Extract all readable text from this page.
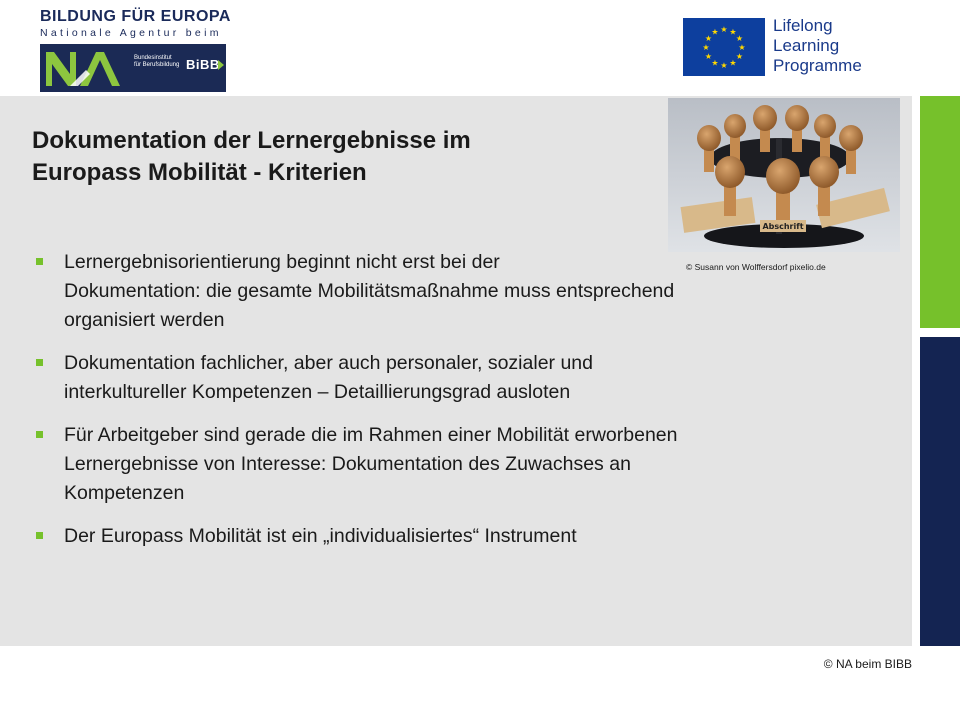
BILDUNG FÜR EUROPA
Nationale Agentur beim
Bundesinstitut
für Berufsbildung BiBB
★ ★
★
★
★
★
★
★
★
★
★
★	Lifelong
Learning
Programme
Dokumentation der Lernergebnisse im
Europass Mobilität - Kriterien
Abschrift
© Susann von Wolffersdorf pixelio.de
Lernergebnisorientierung beginnt nicht erst bei der
Dokumentation: die gesamte Mobilitätsmaßnahme muss entsprechend
organisiert werden
Dokumentation fachlicher, aber auch personaler, sozialer und
interkultureller Kompetenzen – Detaillierungsgrad ausloten
Für Arbeitgeber sind gerade die im Rahmen einer Mobilität erworbenen
Lernergebnisse von Interesse: Dokumentation des Zuwachses an
Kompetenzen
Der Europass Mobilität ist ein „individualisiertes“ Instrument
© NA beim BIBB
